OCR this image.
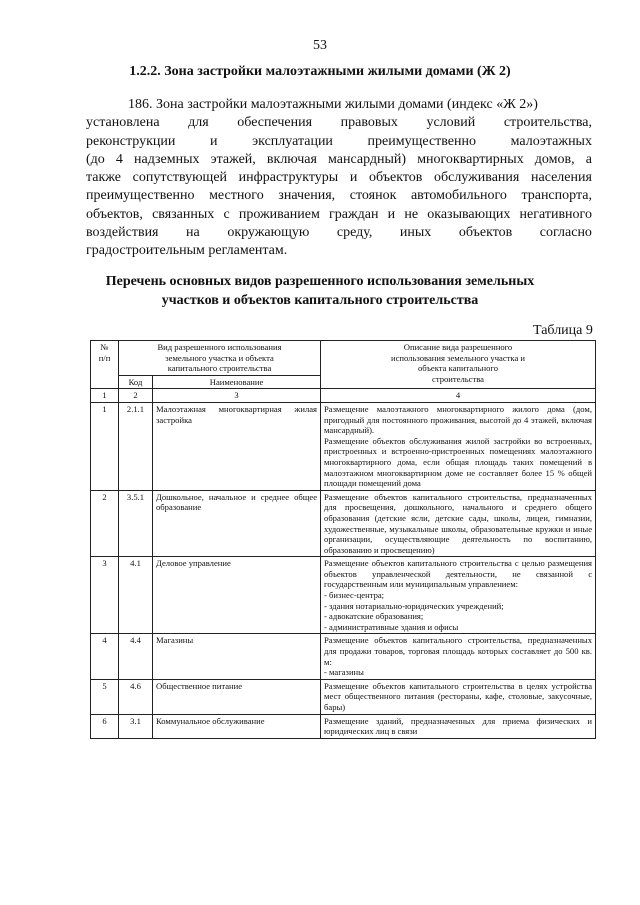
53
1.2.2. Зона застройки малоэтажными жилыми домами (Ж 2)
186. Зона застройки малоэтажными жилыми домами (индекс «Ж 2»)
установлена для обеспечения правовых условий строительства,
реконструкции и эксплуатации преимущественно малоэтажных
(до 4 надземных этажей, включая мансардный) многоквартирных домов, а
также сопутствующей инфраструктуры и объектов обслуживания населения
преимущественно местного значения, стоянок автомобильного транспорта,
объектов, связанных с проживанием граждан и не оказывающих негативного
воздействия на окружающую среду, иных объектов согласно
градостроительным регламентам.
Перечень основных видов разрешенного использования земельных
участков и объектов капитального строительства
Таблица 9
№
п/п	Вид разрешенного использования
земельного участка и объекта
капитального строительства		Описание вида разрешенного
использования земельного участка и
объекта капитального
строительства
	Код	Наименование	
1	2	3	4
1	2.1.1	Малоэтажная многоквартирная жилая застройка	Размещение малоэтажного многоквартирного жилого дома (дом, пригодный для постоянного проживания, высотой до 4 этажей, включая мансардный).
Размещение объектов обслуживания жилой застройки во встроенных, пристроенных и встроенно-пристроенных помещениях малоэтажного многоквартирного дома, если общая площадь таких помещений в малоэтажном многоквартирном доме не составляет более 15 % общей площади помещений дома
2	3.5.1	Дошкольное, начальное и среднее общее образование	Размещение объектов капитального строительства, предназначенных для просвещения, дошкольного, начального и среднего общего образования (детские ясли, детские сады, школы, лицеи, гимназии, художественные, музыкальные школы, образовательные кружки и иные организации, осуществляющие деятельность по воспитанию, образованию и просвещению)
3	4.1	Деловое управление	Размещение объектов капитального строительства с целью размещения объектов управленческой деятельности, не связанной с государственным или муниципальным управлением:
- бизнес-центра;
- здания нотариально-юридических учреждений;
- адвокатские образования;
- административные здания и офисы
4	4.4	Магазины	Размещение объектов капитального строительства, предназначенных для продажи товаров, торговая площадь которых составляет до 500 кв. м:
- магазины
5	4.6	Общественное питание	Размещение объектов капитального строительства в целях устройства мест общественного питания (рестораны, кафе, столовые, закусочные, бары)
6	3.1	Коммунальное обслуживание	Размещение зданий, предназначенных для приема физических и юридических лиц в связи
